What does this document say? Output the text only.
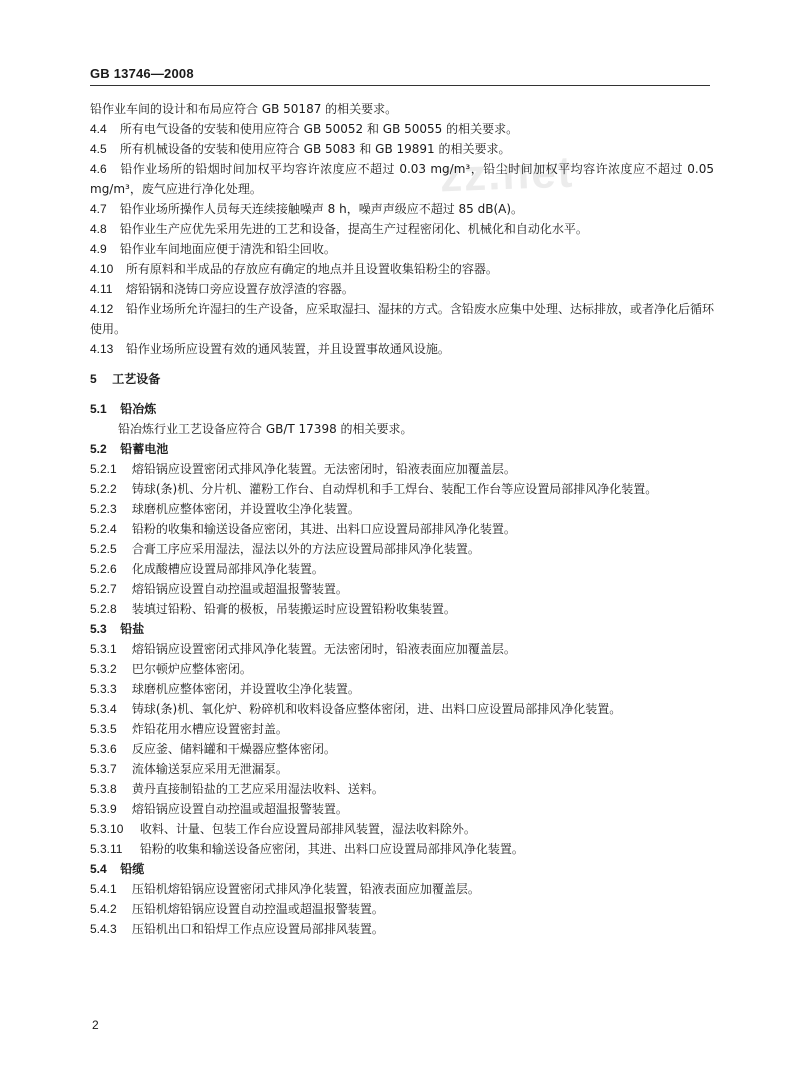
GB 13746—2008
zz.net
铅作业车间的设计和布局应符合 GB 50187 的相关要求。
4.4 所有电气设备的安装和使用应符合 GB 50052 和 GB 50055 的相关要求。
4.5 所有机械设备的安装和使用应符合 GB 5083 和 GB 19891 的相关要求。
4.6 铅作业场所的铅烟时间加权平均容许浓度应不超过 0.03 mg/m³，铅尘时间加权平均容许浓度应不超过 0.05 mg/m³，废气应进行净化处理。
4.7 铅作业场所操作人员每天连续接触噪声 8 h，噪声声级应不超过 85 dB(A)。
4.8 铅作业生产应优先采用先进的工艺和设备，提高生产过程密闭化、机械化和自动化水平。
4.9 铅作业车间地面应便于清洗和铅尘回收。
4.10 所有原料和半成品的存放应有确定的地点并且设置收集铅粉尘的容器。
4.11 熔铅锅和浇铸口旁应设置存放浮渣的容器。
4.12 铅作业场所允许湿扫的生产设备，应采取湿扫、湿抹的方式。含铅废水应集中处理、达标排放，或者净化后循环使用。
4.13 铅作业场所应设置有效的通风装置，并且设置事故通风设施。
5 工艺设备
5.1 铅冶炼
铅冶炼行业工艺设备应符合 GB/T 17398 的相关要求。
5.2 铅蓄电池
5.2.1 熔铅锅应设置密闭式排风净化装置。无法密闭时，铅液表面应加覆盖层。
5.2.2 铸球(条)机、分片机、灌粉工作台、自动焊机和手工焊台、装配工作台等应设置局部排风净化装置。
5.2.3 球磨机应整体密闭，并设置收尘净化装置。
5.2.4 铅粉的收集和输送设备应密闭，其进、出料口应设置局部排风净化装置。
5.2.5 合膏工序应采用湿法，湿法以外的方法应设置局部排风净化装置。
5.2.6 化成酸槽应设置局部排风净化装置。
5.2.7 熔铅锅应设置自动控温或超温报警装置。
5.2.8 装填过铅粉、铅膏的极板，吊装搬运时应设置铅粉收集装置。
5.3 铅盐
5.3.1 熔铅锅应设置密闭式排风净化装置。无法密闭时，铅液表面应加覆盖层。
5.3.2 巴尔顿炉应整体密闭。
5.3.3 球磨机应整体密闭，并设置收尘净化装置。
5.3.4 铸球(条)机、氧化炉、粉碎机和收料设备应整体密闭，进、出料口应设置局部排风净化装置。
5.3.5 炸铅花用水槽应设置密封盖。
5.3.6 反应釜、储料罐和干燥器应整体密闭。
5.3.7 流体输送泵应采用无泄漏泵。
5.3.8 黄丹直接制铅盐的工艺应采用湿法收料、送料。
5.3.9 熔铅锅应设置自动控温或超温报警装置。
5.3.10 收料、计量、包装工作台应设置局部排风装置，湿法收料除外。
5.3.11 铅粉的收集和输送设备应密闭，其进、出料口应设置局部排风净化装置。
5.4 铅缆
5.4.1 压铅机熔铅锅应设置密闭式排风净化装置，铅液表面应加覆盖层。
5.4.2 压铅机熔铅锅应设置自动控温或超温报警装置。
5.4.3 压铅机出口和铅焊工作点应设置局部排风装置。
2
